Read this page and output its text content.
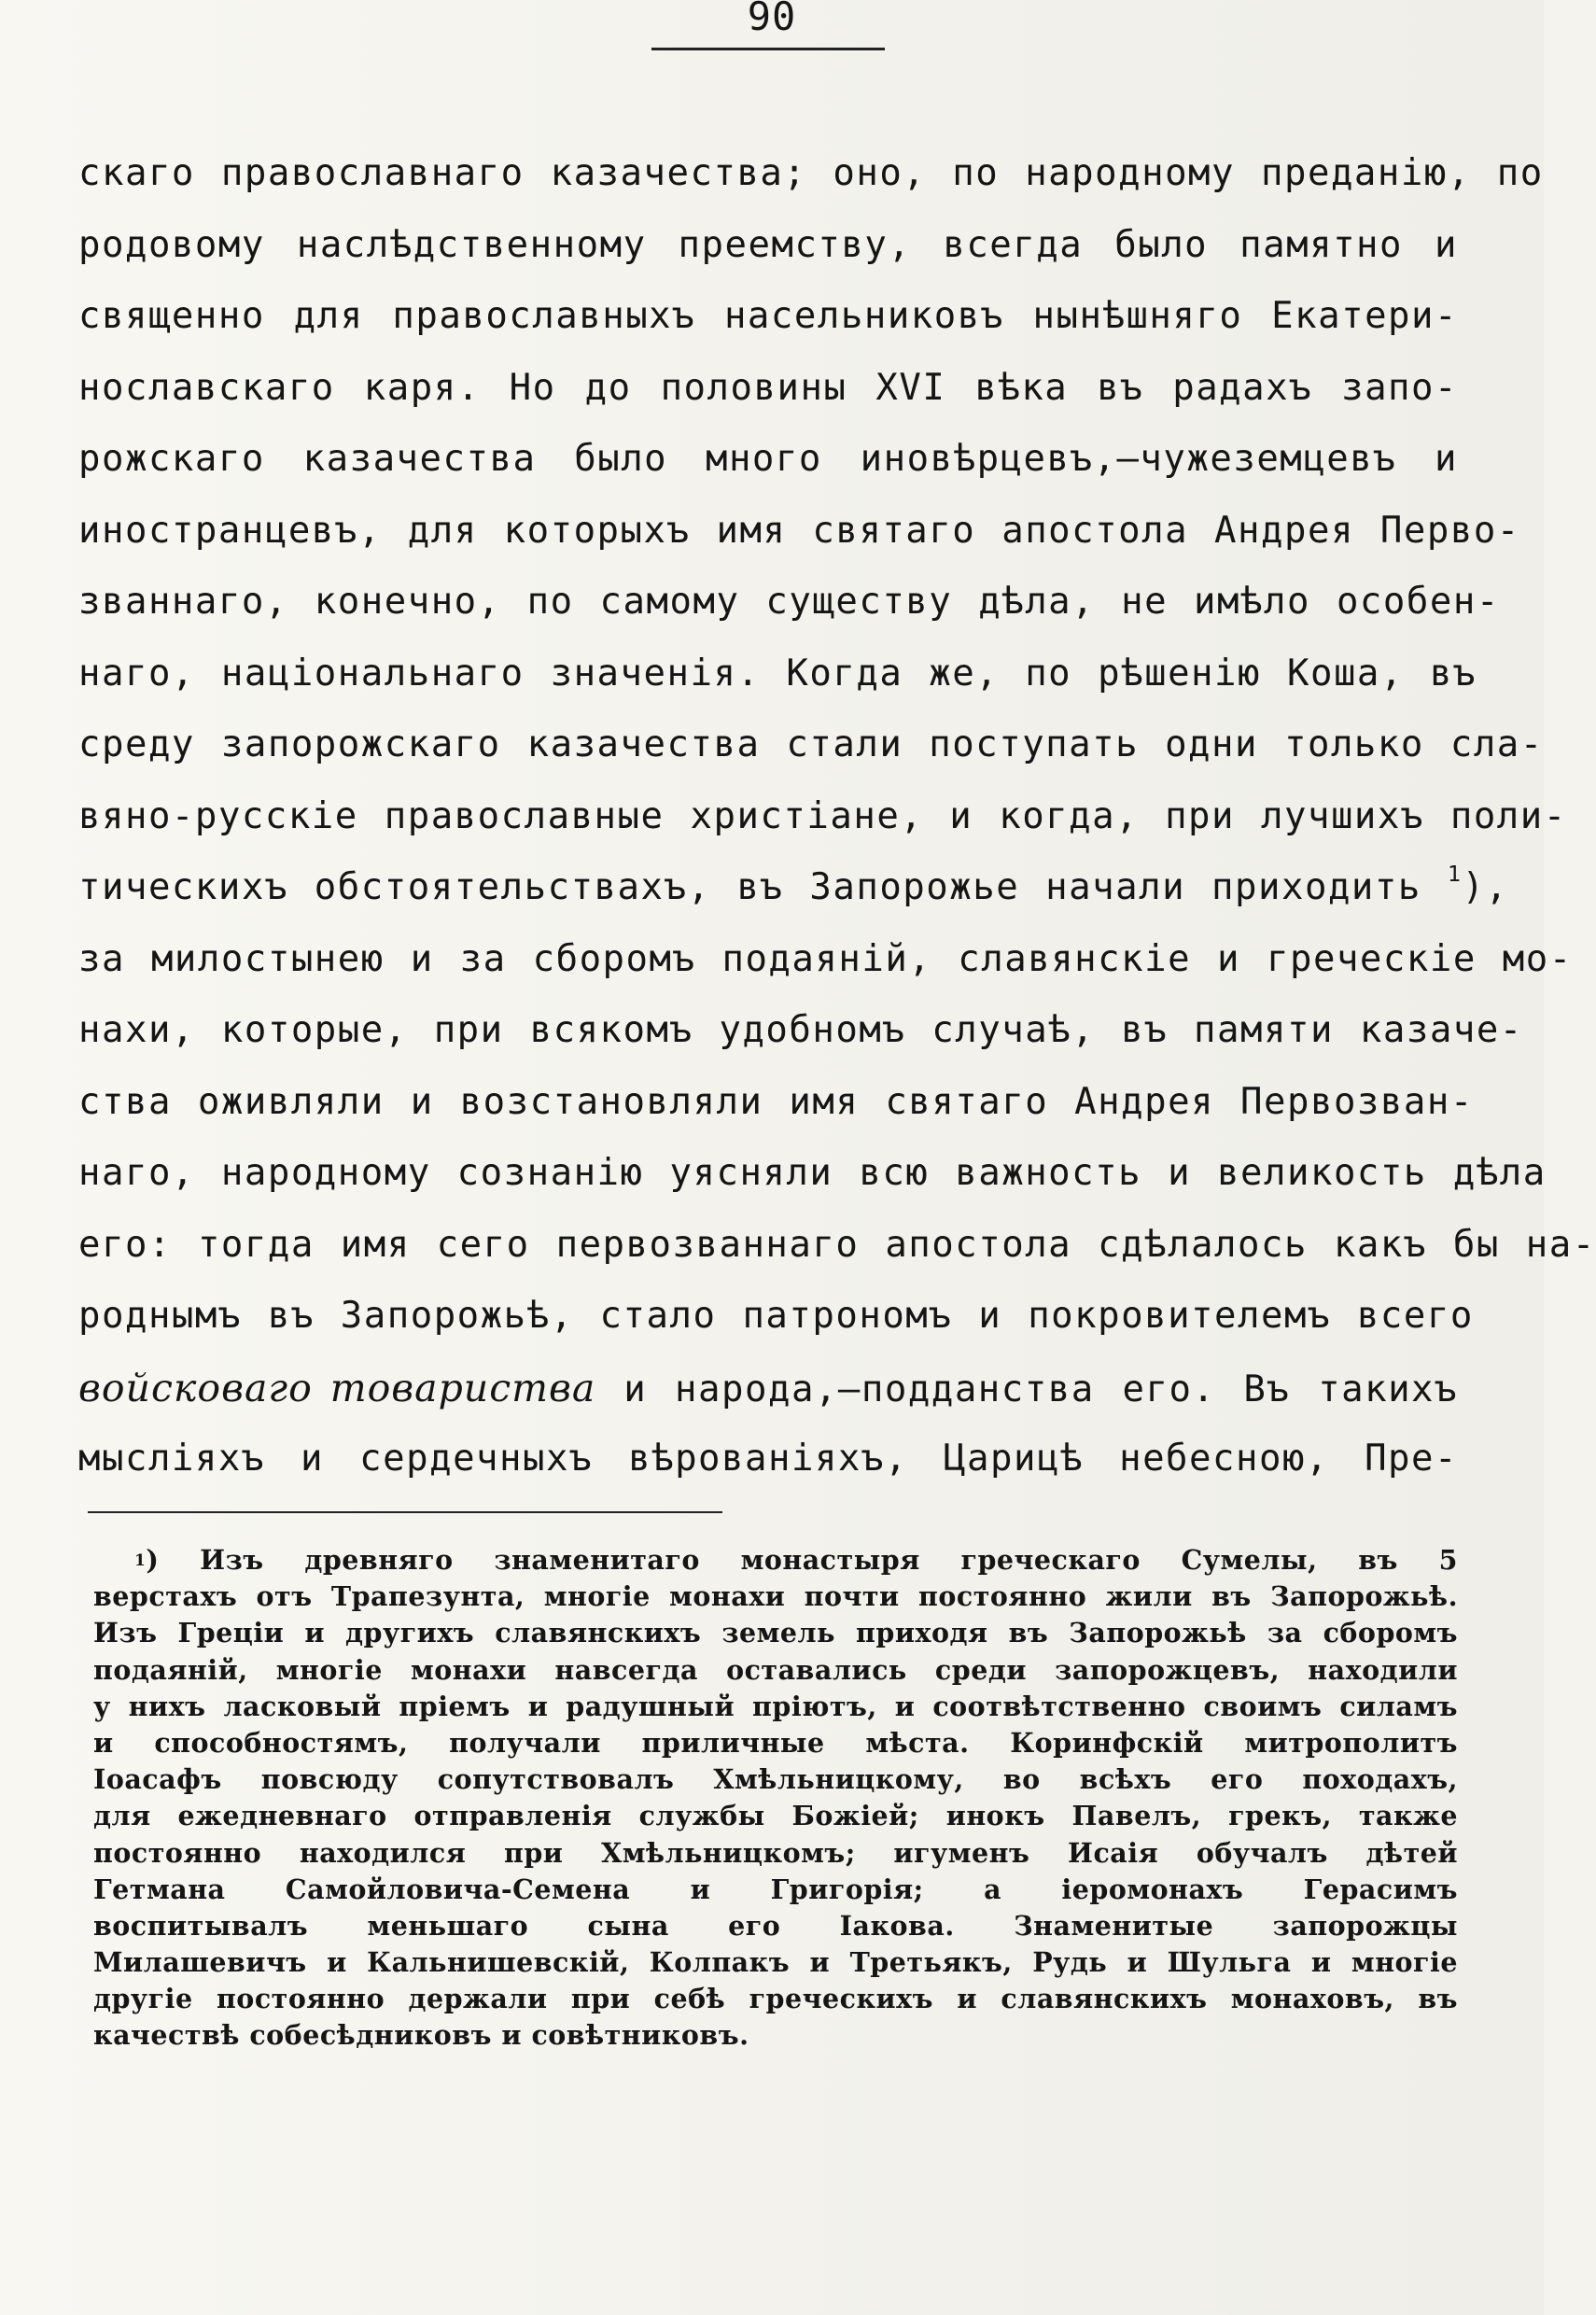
90
скаго православнаго казачества; оно, по народному преданію, по
родовому наслѣдственному преемству, всегда было памятно и
священно для православныхъ насельниковъ нынѣшняго Екатери-
нославскаго каря. Но до половины XVI вѣка въ радахъ запо-
рожскаго казачества было много иновѣрцевъ,—чужеземцевъ и
иностранцевъ, для которыхъ имя святаго апостола Андрея Перво-
званнаго, конечно, по самому существу дѣла, не имѣло особен-
наго, національнаго значенія. Когда же, по рѣшенію Коша, въ
среду запорожскаго казачества стали поступать одни только сла-
вяно-русскіе православные христіане, и когда, при лучшихъ поли-
тическихъ обстоятельствахъ, въ Запорожье начали приходить $^1$),
за милостынею и за сборомъ подаяній, славянскіе и греческіе мо-
нахи, которые, при всякомъ удобномъ случаѣ, въ памяти казаче-
ства оживляли и возстановляли имя святаго Андрея Первозван-
наго, народному сознанію уясняли всю важность и великость дѣла
его: тогда имя сего первозваннаго апостола сдѣлалось какъ бы на-
роднымъ въ Запорожьѣ, стало патрономъ и покровителемъ всего
войсковаго товариства и народа,—подданства его. Въ такихъ
мысліяхъ и сердечныхъ вѣрованіяхъ, Царицѣ небесною, Пре-
$^1$) Изъ древняго знаменитаго монастыря греческаго Сумелы, въ 5
верстахъ отъ Трапезунта, многіе монахи почти постоянно жили въ Запорожьѣ.
Изъ Греціи и другихъ славянскихъ земель приходя въ Запорожьѣ за сборомъ
подаяній, многіе монахи навсегда оставались среди запорожцевъ, находили
у нихъ ласковый пріемъ и радушный пріютъ, и соотвѣтственно своимъ силамъ
и способностямъ, получали приличные мѣста. Коринфскій митрополитъ
Іоасафъ повсюду сопутствовалъ Хмѣльницкому, во всѣхъ его походахъ,
для ежедневнаго отправленія службы Божіей; инокъ Павелъ, грекъ, также
постоянно находился при Хмѣльницкомъ; игуменъ Исаія обучалъ дѣтей
Гетмана Самойловича-Семена и Григорія; а іеромонахъ Герасимъ
воспитывалъ меньшаго сына его Іакова. Знаменитые запорожцы
Милашевичъ и Кальнишевскій, Колпакъ и Третьякъ, Рудь и Шульга и многіе
другіе постоянно держали при себѣ греческихъ и славянскихъ монаховъ, въ
качествѣ собесѣдниковъ и совѣтниковъ.
